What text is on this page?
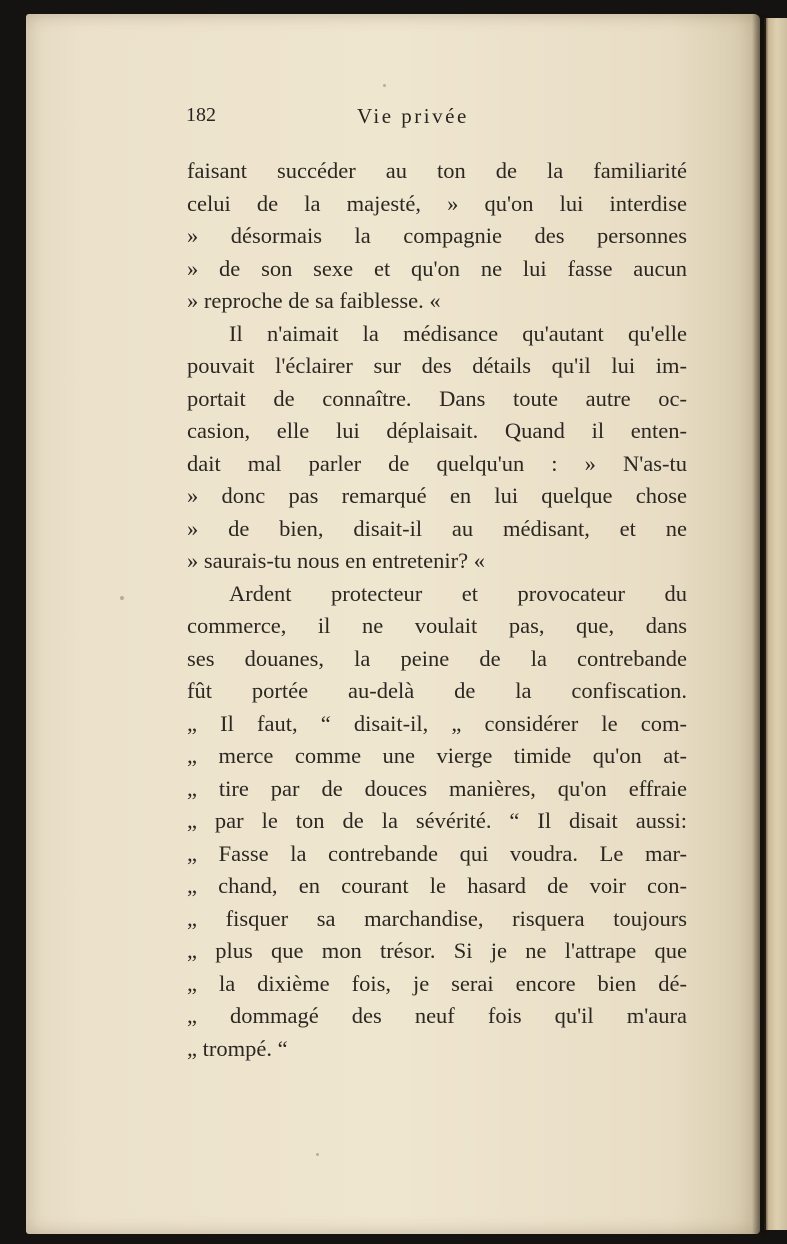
182	Vie privée
faisant succéder au ton de la familiarité
celui de la majesté, » qu'on lui interdise
» désormais la compagnie des personnes
» de son sexe et qu'on ne lui fasse aucun
» reproche de sa faiblesse. «
Il n'aimait la médisance qu'autant qu'elle
pouvait l'éclairer sur des détails qu'il lui im-
portait de connaître. Dans toute autre oc-
casion, elle lui déplaisait. Quand il enten-
dait mal parler de quelqu'un : » N'as-tu
» donc pas remarqué en lui quelque chose
» de bien, disait-il au médisant, et ne
» saurais-tu nous en entretenir? «
Ardent protecteur et provocateur du
commerce, il ne voulait pas, que, dans
ses douanes, la peine de la contrebande
fût portée au-delà de la confiscation.
„ Il faut, “ disait-il, „ considérer le com-
„ merce comme une vierge timide qu'on at-
„ tire par de douces manières, qu'on effraie
„ par le ton de la sévérité. “ Il disait aussi:
„ Fasse la contrebande qui voudra. Le mar-
„ chand, en courant le hasard de voir con-
„ fisquer sa marchandise, risquera toujours
„ plus que mon trésor. Si je ne l'attrape que
„ la dixième fois, je serai encore bien dé-
„ dommagé des neuf fois qu'il m'aura
„ trompé. “
